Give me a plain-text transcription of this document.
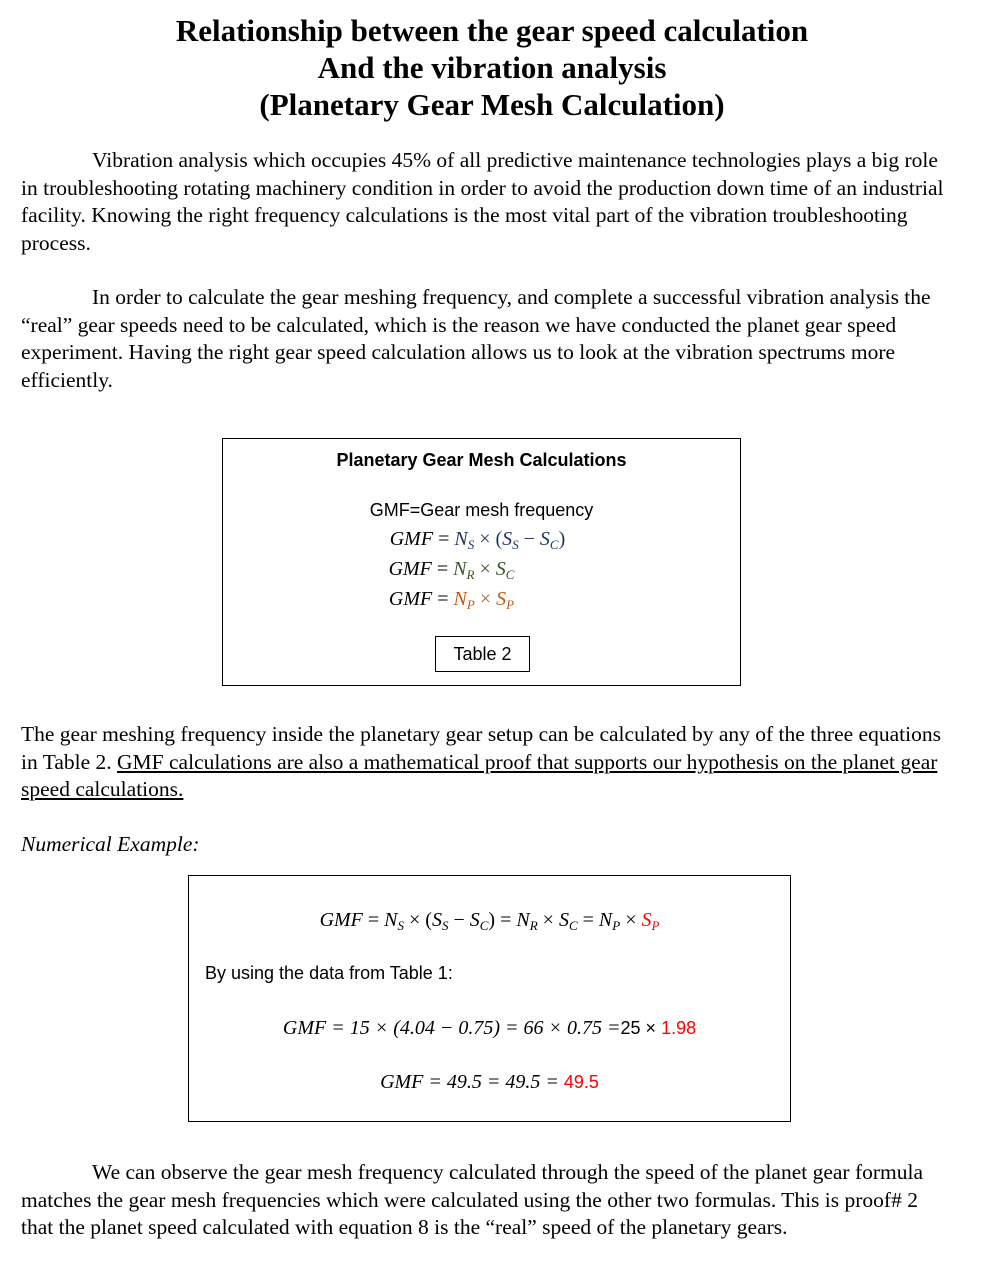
Relationship between the gear speed calculation
And the vibration analysis
(Planetary Gear Mesh Calculation)

Vibration analysis which occupies 45% of all predictive maintenance technologies plays a big role in troubleshooting rotating machinery condition in order to avoid the production down time of an industrial facility. Knowing the right frequency calculations is the most vital part of the vibration troubleshooting process.

In order to calculate the gear meshing frequency, and complete a successful vibration analysis the “real” gear speeds need to be calculated, which is the reason we have conducted the planet gear speed experiment. Having the right gear speed calculation allows us to look at the vibration spectrums more efficiently.

Planetary Gear Mesh Calculations
GMF=Gear mesh frequency
GMF = $N_S \times (S_S - S_C)$
GMF = $N_R \times S_C$
GMF = $N_P \times S_P$
Table 2

The gear meshing frequency inside the planetary gear setup can be calculated by any of the three equations in Table 2. GMF calculations are also a mathematical proof that supports our hypothesis on the planet gear speed calculations.

Numerical Example:

GMF = $N_S \times (S_S - S_C) = N_R \times S_C = N_P \times S_P$
By using the data from Table 1:
GMF = 15 × (4.04 − 0.75) = 66 × 0.75 =25 × 1.98
GMF = 49.5 = 49.5 = 49.5

We can observe the gear mesh frequency calculated through the speed of the planet gear formula matches the gear mesh frequencies which were calculated using the other two formulas. This is proof# 2 that the planet speed calculated with equation 8 is the “real” speed of the planetary gears.
